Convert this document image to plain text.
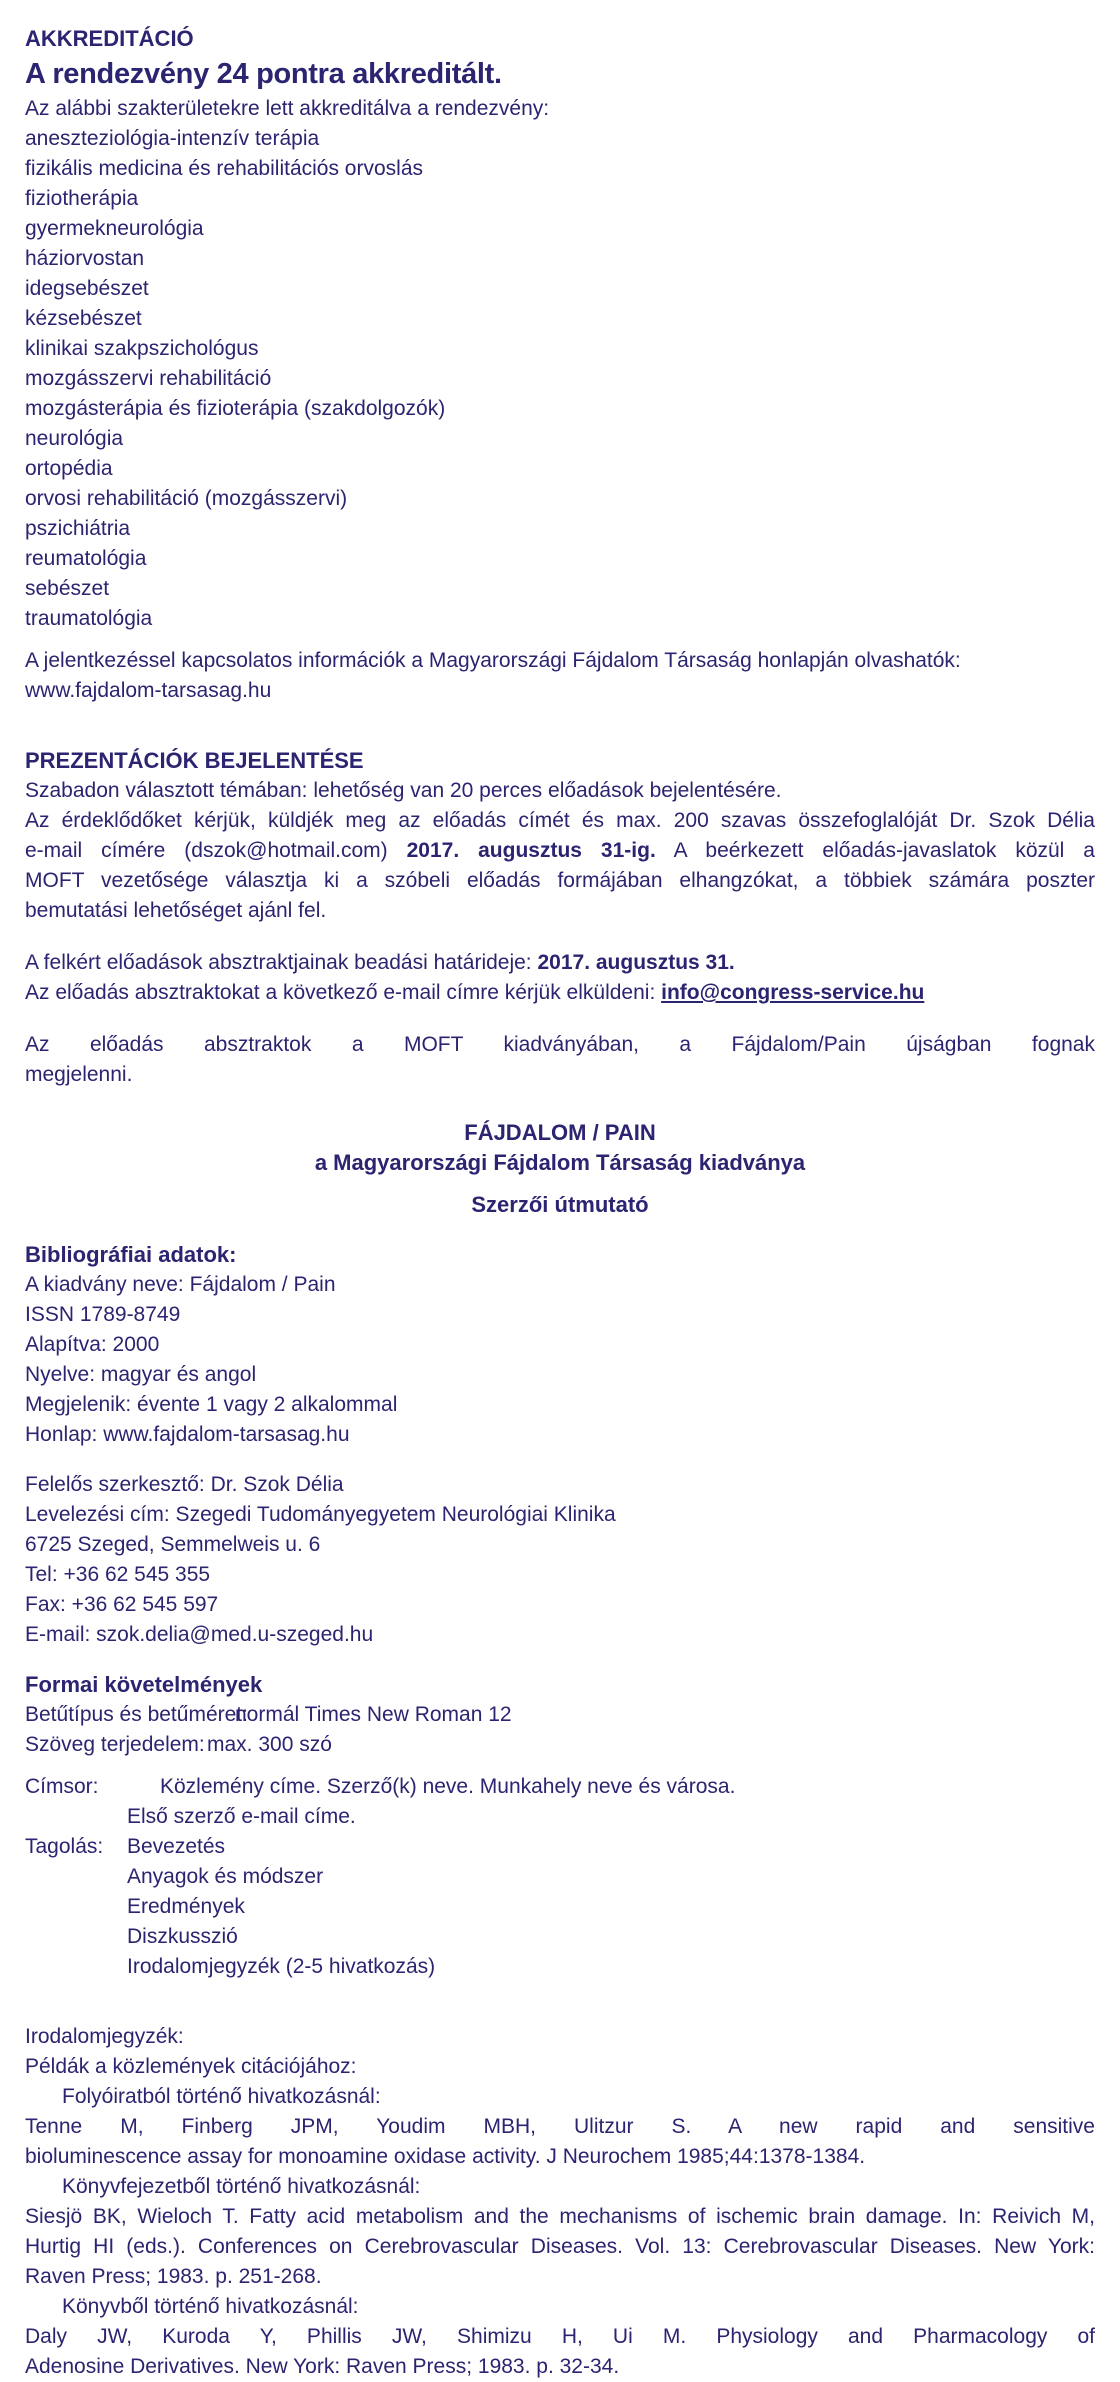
AKKREDITÁCIÓ
A rendezvény 24 pontra akkreditált.
Az alábbi szakterületekre lett akkreditálva a rendezvény:
aneszteziológia-intenzív terápia
fizikális medicina és rehabilitációs orvoslás
fiziotherápia
gyermekneurológia
háziorvostan
idegsebészet
kézsebészet
klinikai szakpszichológus
mozgásszervi rehabilitáció
mozgásterápia és fizioterápia (szakdolgozók)
neurológia
ortopédia
orvosi rehabilitáció (mozgásszervi)
pszichiátria
reumatológia
sebészet
traumatológia
A jelentkezéssel kapcsolatos információk a Magyarországi Fájdalom Társaság honlapján olvashatók:
www.fajdalom-tarsasag.hu
PREZENTÁCIÓK BEJELENTÉSE
Szabadon választott témában: lehetőség van 20 perces előadások bejelentésére.
Az érdeklődőket kérjük, küldjék meg az előadás címét és max. 200 szavas összefoglalóját Dr. Szok Délia
e-mail címére (dszok@hotmail.com) 2017. augusztus 31-ig. A beérkezett előadás-javaslatok közül a
MOFT vezetősége választja ki a szóbeli előadás formájában elhangzókat, a többiek számára poszter
bemutatási lehetőséget ajánl fel.
A felkért előadások absztraktjainak beadási határideje: 2017. augusztus 31.
Az előadás absztraktokat a következő e-mail címre kérjük elküldeni: info@congress-service.hu
Az előadás absztraktok a MOFT kiadványában, a Fájdalom/Pain újságban fognak
megjelenni.
FÁJDALOM / PAIN
a Magyarországi Fájdalom Társaság kiadványa
Szerzői útmutató
Bibliográfiai adatok:
A kiadvány neve: Fájdalom / Pain
ISSN 1789-8749
Alapítva: 2000
Nyelve: magyar és angol
Megjelenik: évente 1 vagy 2 alkalommal
Honlap: www.fajdalom-tarsasag.hu
Felelős szerkesztő: Dr. Szok Délia
Levelezési cím: Szegedi Tudományegyetem Neurológiai Klinika
6725 Szeged, Semmelweis u. 6
Tel: +36 62 545 355
Fax: +36 62 545 597
E-mail: szok.delia@med.u-szeged.hu
Formai követelmények
Betűtípus és betűméret:
normál Times New Roman 12
Szöveg terjedelem: max. 300 szó
Címsor:	Közlemény címe. Szerző(k) neve. Munkahely neve és városa.
Első szerző e-mail címe.
Tagolás: Bevezetés
Anyagok és módszer
Eredmények
Diszkusszió
Irodalomjegyzék (2-5 hivatkozás)
Irodalomjegyzék:
Példák a közlemények citációjához:
Folyóiratból történő hivatkozásnál:
Tenne M, Finberg JPM, Youdim MBH, Ulitzur S. A new rapid and sensitive
bioluminescence assay for monoamine oxidase activity. J Neurochem 1985;44:1378-1384.
Könyvfejezetből történő hivatkozásnál:
Siesjö BK, Wieloch T. Fatty acid metabolism and the mechanisms of ischemic brain damage. In: Reivich M,
Hurtig HI (eds.). Conferences on Cerebrovascular Diseases. Vol. 13: Cerebrovascular Diseases. New York:
Raven Press; 1983. p. 251-268.
Könyvből történő hivatkozásnál:
Daly JW, Kuroda Y, Phillis JW, Shimizu H, Ui M. Physiology and Pharmacology of
Adenosine Derivatives. New York: Raven Press; 1983. p. 32-34.
